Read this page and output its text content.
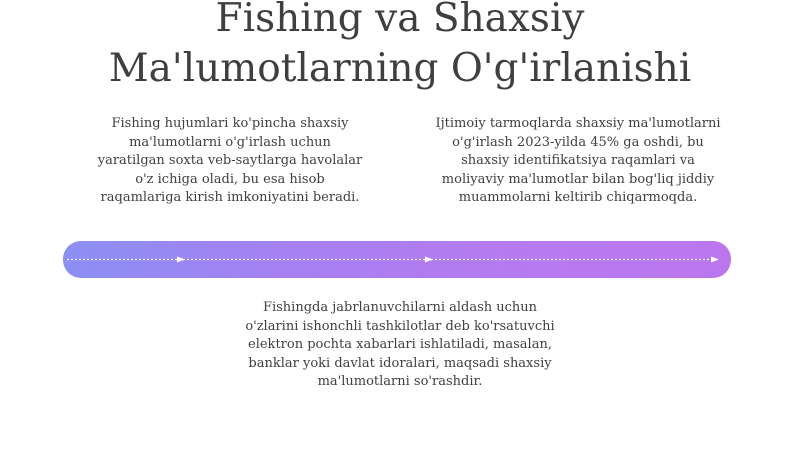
Fishing va Shaxsiy
Ma'lumotlarning O'g'irlanishi
Fishing hujumlari ko'pincha shaxsiy
ma'lumotlarni o'g'irlash uchun
yaratilgan soxta veb-saytlarga havolalar
o'z ichiga oladi, bu esa hisob
raqamlariga kirish imkoniyatini beradi.
Ijtimoiy tarmoqlarda shaxsiy ma'lumotlarni
o'g'irlash 2023-yilda 45% ga oshdi, bu
shaxsiy identifikatsiya raqamlari va
moliyaviy ma'lumotlar bilan bog'liq jiddiy
muammolarni keltirib chiqarmoqda.
Fishingda jabrlanuvchilarni aldash uchun
o'zlarini ishonchli tashkilotlar deb ko'rsatuvchi
elektron pochta xabarlari ishlatiladi, masalan,
banklar yoki davlat idoralari, maqsadi shaxsiy
ma'lumotlarni so'rashdir.
